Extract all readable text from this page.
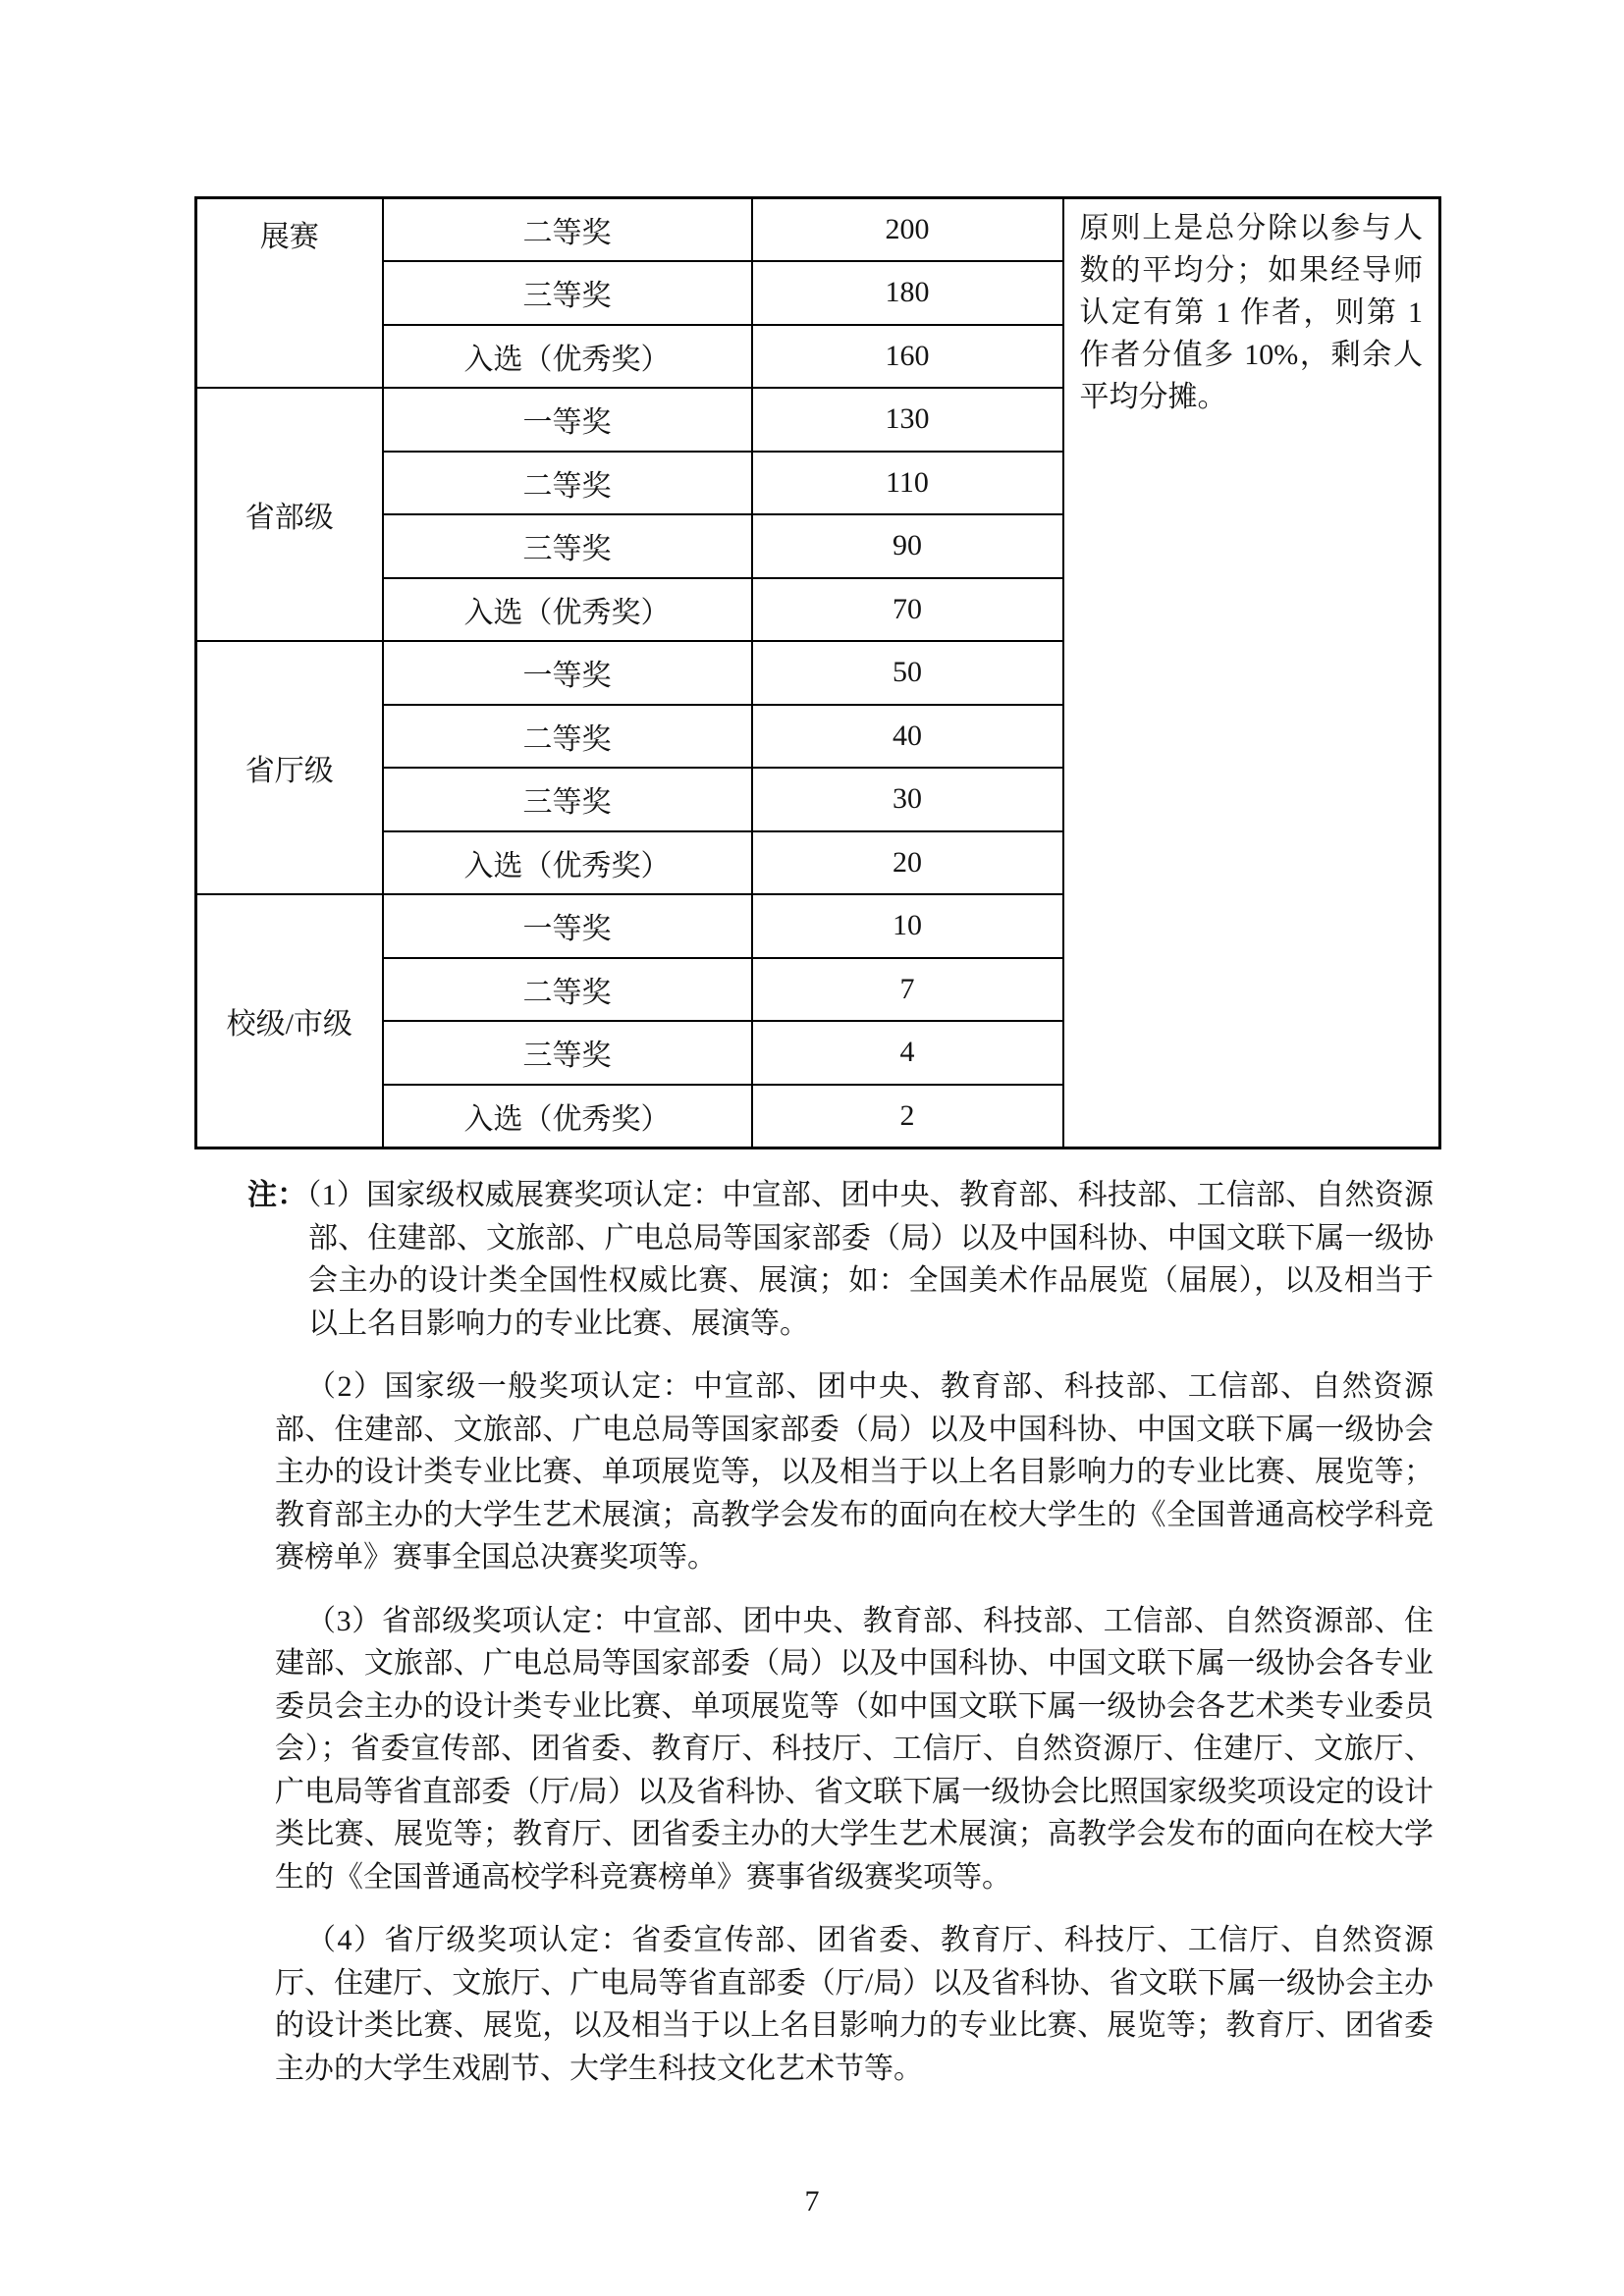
展赛	二等奖	200	原则上是总分除以参与人数的平均分；如果经导师认定有第 1 作者，则第 1 作者分值多 10%，剩余人平均分摊。
	三等奖	180	
	入选（优秀奖）	160	
省部级	一等奖	130	
	二等奖	110	
	三等奖	90	
	入选（优秀奖）	70	
省厅级	一等奖	50	
	二等奖	40	
	三等奖	30	
	入选（优秀奖）	20	
校级/市级	一等奖	10	
	二等奖	7	
	三等奖	4	
	入选（优秀奖）	2	

注：（1）国家级权威展赛奖项认定：中宣部、团中央、教育部、科技部、工信部、自然资源部、住建部、文旅部、广电总局等国家部委（局）以及中国科协、中国文联下属一级协会主办的设计类全国性权威比赛、展演；如：全国美术作品展览（届展），以及相当于以上名目影响力的专业比赛、展演等。

（2）国家级一般奖项认定：中宣部、团中央、教育部、科技部、工信部、自然资源部、住建部、文旅部、广电总局等国家部委（局）以及中国科协、中国文联下属一级协会主办的设计类专业比赛、单项展览等，以及相当于以上名目影响力的专业比赛、展览等；教育部主办的大学生艺术展演；高教学会发布的面向在校大学生的《全国普通高校学科竞赛榜单》赛事全国总决赛奖项等。

（3）省部级奖项认定：中宣部、团中央、教育部、科技部、工信部、自然资源部、住建部、文旅部、广电总局等国家部委（局）以及中国科协、中国文联下属一级协会各专业委员会主办的设计类专业比赛、单项展览等（如中国文联下属一级协会各艺术类专业委员会）；省委宣传部、团省委、教育厅、科技厅、工信厅、自然资源厅、住建厅、文旅厅、广电局等省直部委（厅/局）以及省科协、省文联下属一级协会比照国家级奖项设定的设计类比赛、展览等；教育厅、团省委主办的大学生艺术展演；高教学会发布的面向在校大学生的《全国普通高校学科竞赛榜单》赛事省级赛奖项等。

（4）省厅级奖项认定：省委宣传部、团省委、教育厅、科技厅、工信厅、自然资源厅、住建厅、文旅厅、广电局等省直部委（厅/局）以及省科协、省文联下属一级协会主办的设计类比赛、展览，以及相当于以上名目影响力的专业比赛、展览等；教育厅、团省委主办的大学生戏剧节、大学生科技文化艺术节等。

7
